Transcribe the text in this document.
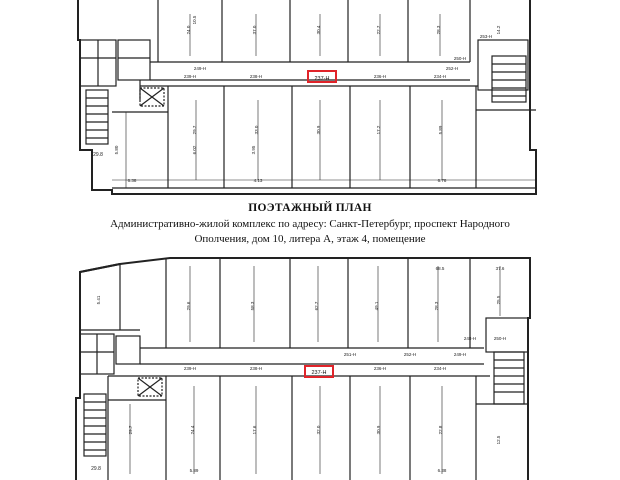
237-Н
239-Н	238-Н	236-Н	234-Н
252-Н
253-Н
249-Н
250-Н
5.80	6.02	3.95
10.5
24.0	37.0	30.4	22.7	28.3	14.2
29.7	33.0	30.9	17.2	5.89
6.38	4.13	6.78
29.8
237-Н
239-Н	238-Н	236-Н	234-Н
251-Н	252-Н	249-Н
248-Н	250-Н
5.41
29.6	58.3	62.7	49.1	28.3
25.5
68.5	37.6
24.4	17.6	32.0	30.9	22.8
12.5
29.7
5.89	6.38
29.8
ПОЭТАЖНЫЙ ПЛАН
Административно-жилой комплекс по адресу: Санкт-Петербург, проспект Народного
Ополчения, дом 10, литера А, этаж 4, помещение
